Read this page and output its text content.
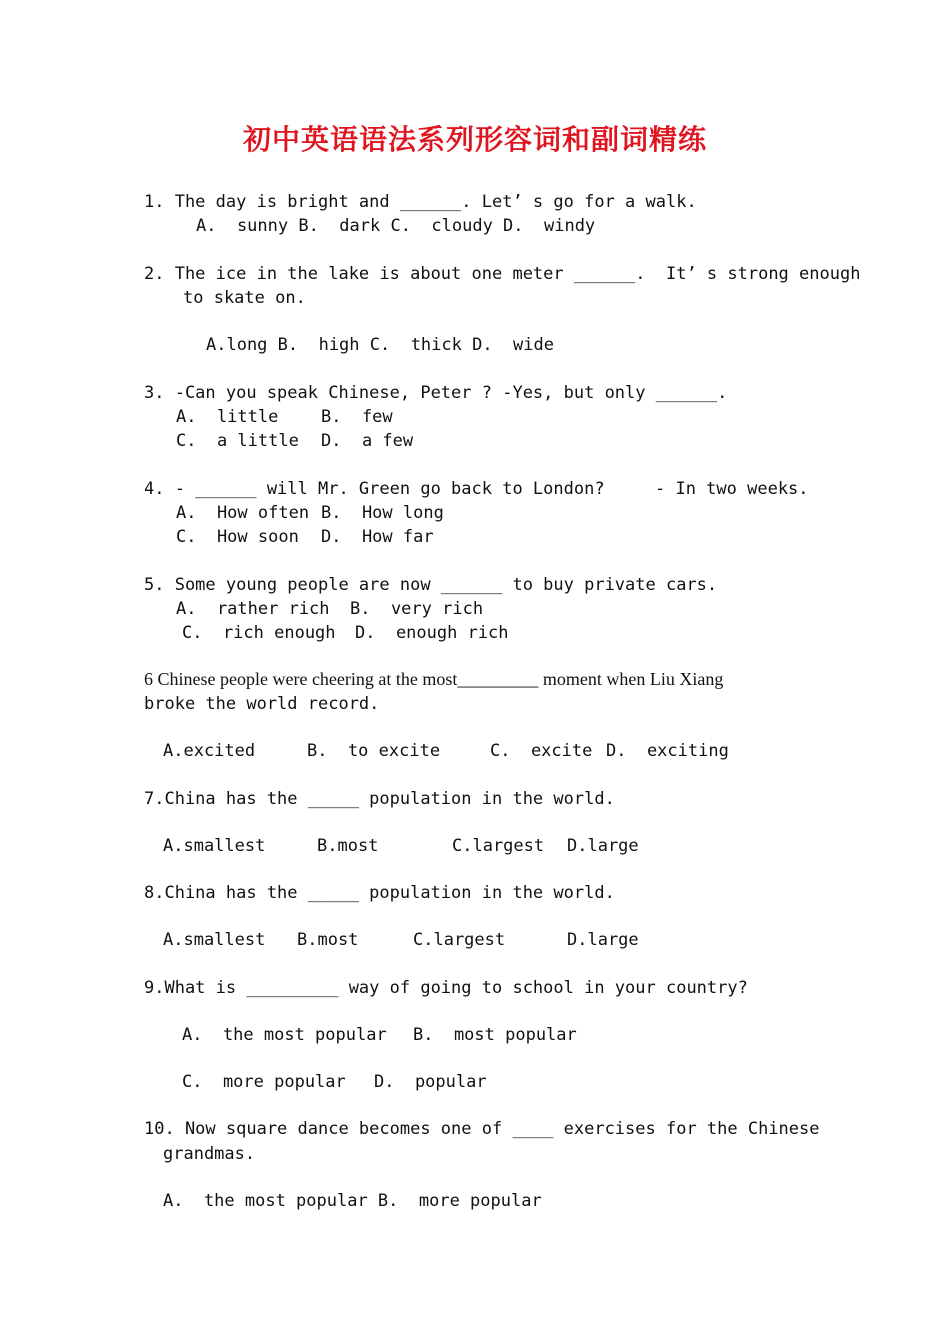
初中英语语法系列形容词和副词精练
1. The day is bright and ______. Let’ s go for a walk.
A.  sunny B.  dark C.  cloudy D.  windy
2. The ice in the lake is about one meter ______.  It’ s strong enough
to skate on.
A.long B.  high C.  thick D.  wide
3. -Can you speak Chinese, Peter ? -Yes, but only ______.
A.  little	B.  few
C.  a little D.  a few
4. - ______ will Mr. Green go back to London?	- In two weeks.
A.  How often B.  How long
C.  How soon D.  How far
5. Some young people are now ______ to buy private cars.
A.  rather rich B.  very rich
C.  rich enough D.  enough rich
6 Chinese people were cheering at the most_________ moment when Liu Xiang
broke the world record.
A.excited	B.  to excite	C.  excite D.  exciting
7.China has the _____ population in the world.
A.smallest	B.most	C.largest D.large
8.China has the _____ population in the world.
A.smallest B.most	C.largest	D.large
9.What is _________ way of going to school in your country?
A.  the most popular B.  most popular
C.  more popular D.  popular
10. Now square dance becomes one of ____ exercises for the Chinese
grandmas.
A.  the most popular B.  more popular
